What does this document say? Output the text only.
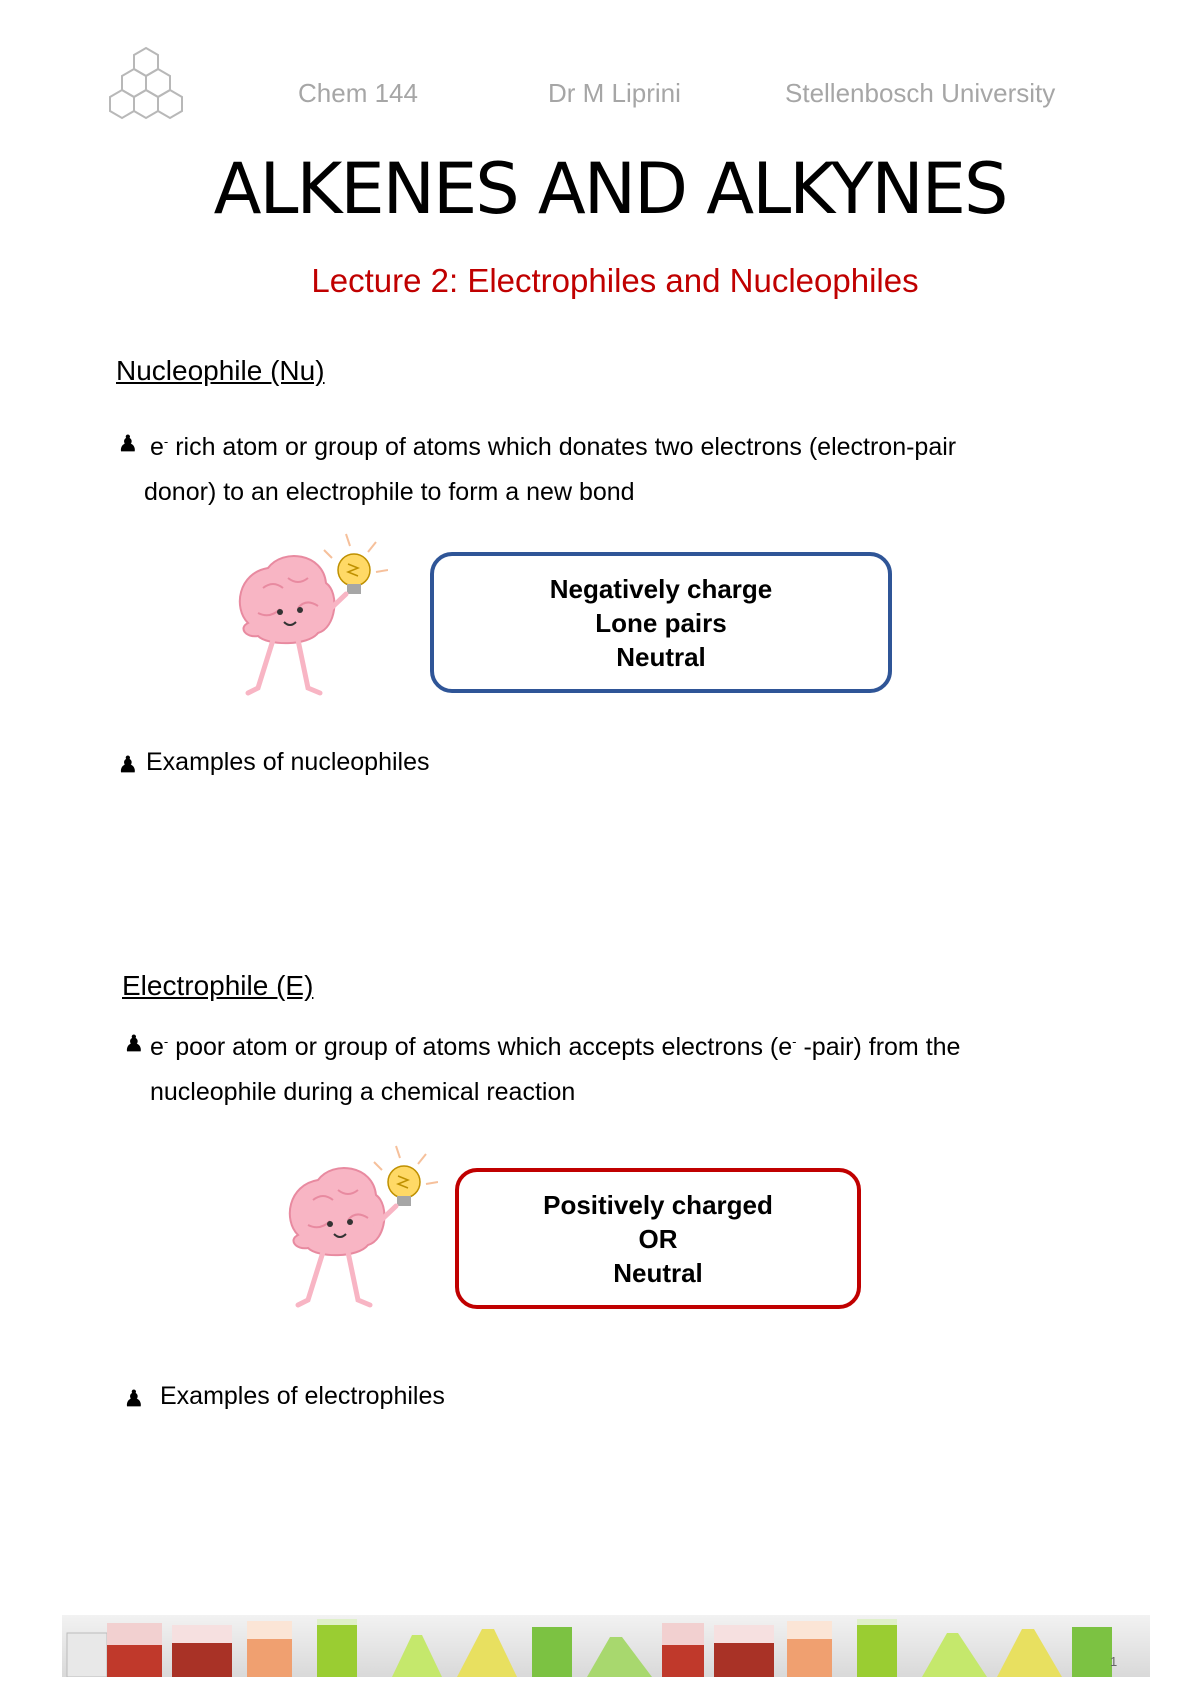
Chem 144	Dr M Liprini	Stellenbosch University
ALKENES AND ALKYNES
Lecture 2: Electrophiles and Nucleophiles
Nucleophile (Nu)
♟ e- rich atom or group of atoms which donates two electrons (electron-pair
donor) to an electrophile to form a new bond
Negatively charge
Lone pairs
Neutral
♟ Examples of nucleophiles
Electrophile (E)
♟ e- poor atom or group of atoms which accepts electrons (e- -pair) from the
nucleophile during a chemical reaction
Positively charged
OR
Neutral
♟ Examples of electrophiles
1
